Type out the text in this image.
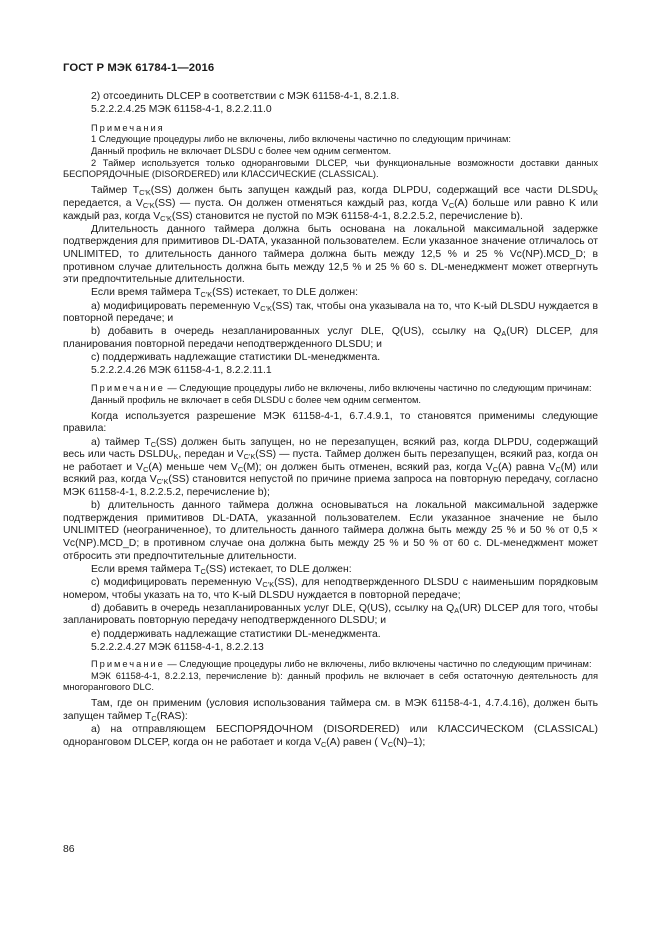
ГОСТ Р МЭК 61784-1—2016
2) отсоединить DLCEP в соответствии с МЭК 61158-4-1, 8.2.1.8.
5.2.2.2.4.25 МЭК 61158-4-1, 8.2.2.11.0
Примечания
1 Следующие процедуры либо не включены, либо включены частично по следующим причинам:
Данный профиль не включает DLSDU с более чем одним сегментом.
2 Таймер используется только одноранговыми DLCEP, чьи функциональные возможности доставки данных БЕСПОРЯДОЧНЫЕ (DISORDERED) или КЛАССИЧЕСКИЕ (CLASSICAL).
Таймер $T_{C’K}(SS)$ должен быть запущен каждый раз, когда DLPDU, содержащий все части $DLSDU_K$ передается, а $V_{C’K}(SS)$ — пуста. Он должен отменяться каждый раз, когда $V_C(A)$ больше или равно K или каждый раз, когда $V_{C’K}(SS)$ становится не пустой по МЭК 61158-4-1, 8.2.2.5.2, перечисление b).
Длительность данного таймера должна быть основана на локальной максимальной задержке подтверждения для примитивов DL-DATA, указанной пользователем. Если указанное значение отличалось от UNLIMITED, то длительность данного таймера должна быть между 12,5 % и 25 % Vc(NP).MCD_D; в противном случае длительность должна быть между 12,5 % и 25 % 60 s. DL-менеджмент может отвергнуть эти предпочтительные длительности.
Если время таймера $T_{C’K}(SS)$ истекает, то DLE должен:
а) модифицировать переменную $V_{C’K}(SS)$ так, чтобы она указывала на то, что K-ый DLSDU нуждается в повторной передаче; и
b) добавить в очередь незапланированных услуг DLE, Q(US), ссылку на $Q_A(UR)$ DLCEP, для планирования повторной передачи неподтвержденного DLSDU; и
c) поддерживать надлежащие статистики DL-менеджмента.
5.2.2.2.4.26 МЭК 61158-4-1, 8.2.2.11.1
Примечание — Следующие процедуры либо не включены, либо включены частично по следующим причинам:
Данный профиль не включает в себя DLSDU с более чем одним сегментом.
Когда используется разрешение МЭК 61158-4-1, 6.7.4.9.1, то становятся применимы следующие правила:
а) таймер $T_C(SS)$ должен быть запущен, но не перезапущен, всякий раз, когда DLPDU, содержащий весь или часть $DSLDU_K$, передан и $V_{C’K}(SS)$ — пуста. Таймер должен быть перезапущен, всякий раз, когда он не работает и $V_C(A)$ меньше чем $V_C(M)$; он должен быть отменен, всякий раз, когда $V_C(A)$ равна $V_C(M)$ или всякий раз, когда $V_{C’K}(SS)$ становится непустой по причине приема запроса на повторную передачу, согласно МЭК 61158-4-1, 8.2.2.5.2, перечисление b);
b) длительность данного таймера должна основываться на локальной максимальной задержке подтверждения примитивов DL-DATA, указанной пользователем. Если указанное значение не было UNLIMITED (неограниченное), то длительность данного таймера должна быть между 25 % и 50 % от 0,5 × Vc(NP).MCD_D; в противном случае она должна быть между 25 % и 50 % от 60 с. DL-менеджмент может отбросить эти предпочтительные длительности.
Если время таймера $T_C(SS)$ истекает, то DLE должен:
c) модифицировать переменную $V_{C’K}(SS)$, для неподтвержденного DLSDU с наименьшим порядковым номером, чтобы указать на то, что K-ый DLSDU нуждается в повторной передаче;
d) добавить в очередь незапланированных услуг DLE, Q(US), ссылку на $Q_A(UR)$ DLCEP для того, чтобы запланировать повторную передачу неподтвержденного DLSDU; и
e) поддерживать надлежащие статистики DL-менеджмента.
5.2.2.2.4.27 МЭК 61158-4-1, 8.2.2.13
Примечание — Следующие процедуры либо не включены, либо включены частично по следующим причинам:
МЭК 61158-4-1, 8.2.2.13, перечисление b): данный профиль не включает в себя остаточную деятельность для многорангового DLC.
Там, где он применим (условия использования таймера см. в МЭК 61158-4-1, 4.7.4.16), должен быть запущен таймер $T_C(RAS)$:
а) на отправляющем БЕСПОРЯДОЧНОМ (DISORDERED) или КЛАССИЧЕСКОМ (CLASSICAL) одноранговом DLCEP, когда он не работает и когда $V_C(A)$ равен ( $V_C(N)-1$);
86
